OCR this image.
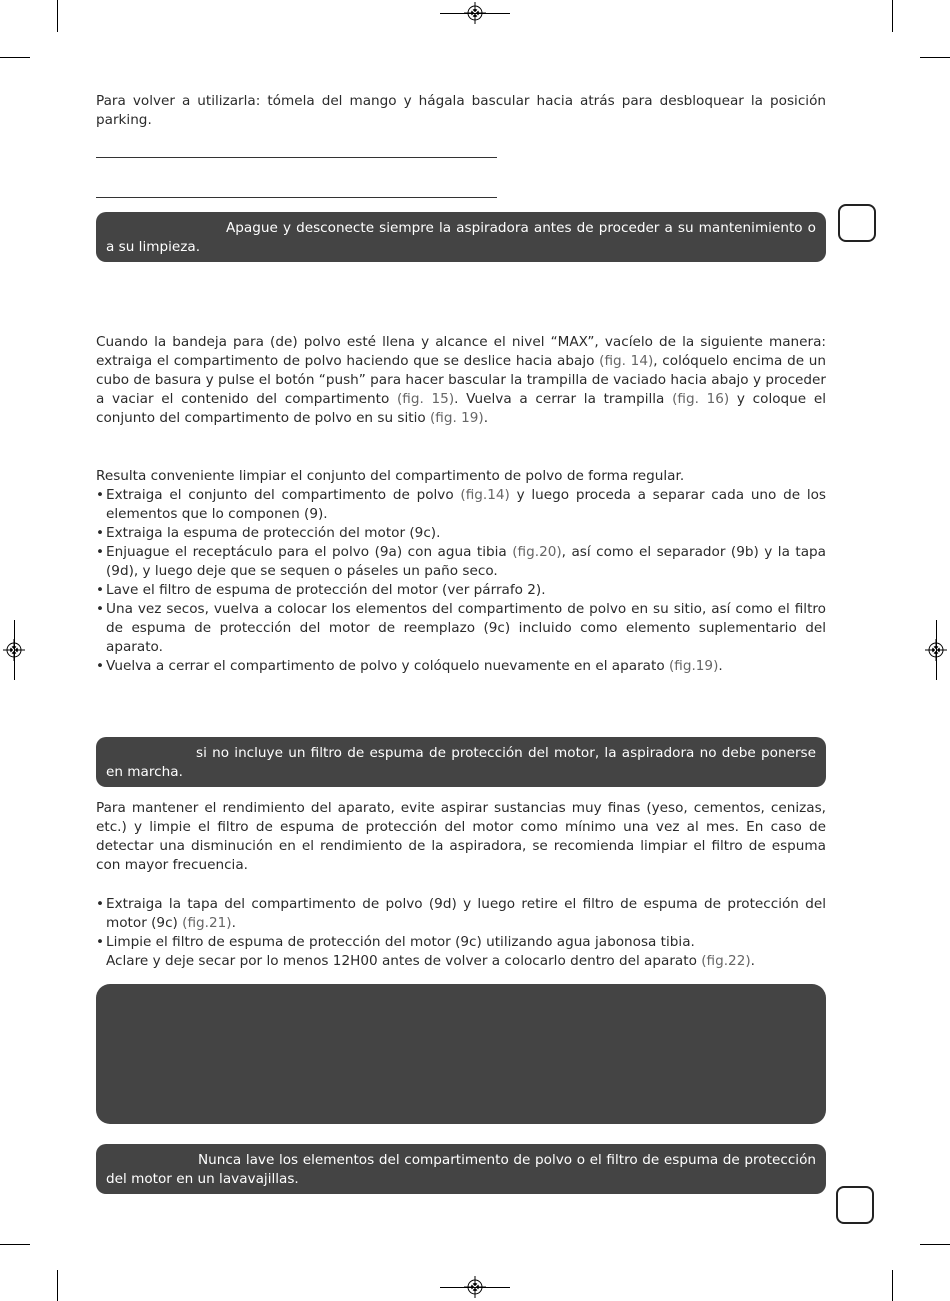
Para volver a utilizarla: tómela del mango y hágala bascular hacia atrás para desbloquear la posición parking.

Apague y desconecte siempre la aspiradora antes de proceder a su mantenimiento o a su limpieza.

Cuando la bandeja para (de) polvo esté llena y alcance el nivel “MAX”, vacíelo de la siguiente manera: extraiga el compartimento de polvo haciendo que se deslice hacia abajo (fig. 14), colóquelo encima de un cubo de basura y pulse el botón “push” para hacer bascular la trampilla de vaciado hacia abajo y proceder a vaciar el contenido del compartimento (fig. 15). Vuelva a cerrar la trampilla (fig. 16) y coloque el conjunto del compartimento de polvo en su sitio (fig. 19).

Resulta conveniente limpiar el conjunto del compartimento de polvo de forma regular.

• Extraiga el conjunto del compartimento de polvo (fig.14) y luego proceda a separar cada uno de los elementos que lo componen (9).
• Extraiga la espuma de protección del motor (9c).
• Enjuague el receptáculo para el polvo (9a) con agua tibia (fig.20), así como el separador (9b) y la tapa (9d), y luego deje que se sequen o páseles un paño seco.
• Lave el filtro de espuma de protección del motor (ver párrafo 2).
• Una vez secos, vuelva a colocar los elementos del compartimento de polvo en su sitio, así como el filtro de espuma de protección del motor de reemplazo (9c) incluido como elemento suplementario del aparato.
• Vuelva a cerrar el compartimento de polvo y colóquelo nuevamente en el aparato (fig.19).
si no incluye un filtro de espuma de protección del motor, la aspiradora no debe ponerse en marcha.

Para mantener el rendimiento del aparato, evite aspirar sustancias muy finas (yeso, cementos, cenizas, etc.) y limpie el filtro de espuma de protección del motor como mínimo una vez al mes. En caso de detectar una disminución en el rendimiento de la aspiradora, se recomienda limpiar el filtro de espuma con mayor frecuencia.

• Extraiga la tapa del compartimento de polvo (9d) y luego retire el filtro de espuma de protección del motor (9c) (fig.21).
• Limpie el filtro de espuma de protección del motor (9c) utilizando agua jabonosa tibia.
Aclare y deje secar por lo menos 12H00 antes de volver a colocarlo dentro del aparato (fig.22).
Nunca lave los elementos del compartimento de polvo o el filtro de espuma de protección del motor en un lavavajillas.
